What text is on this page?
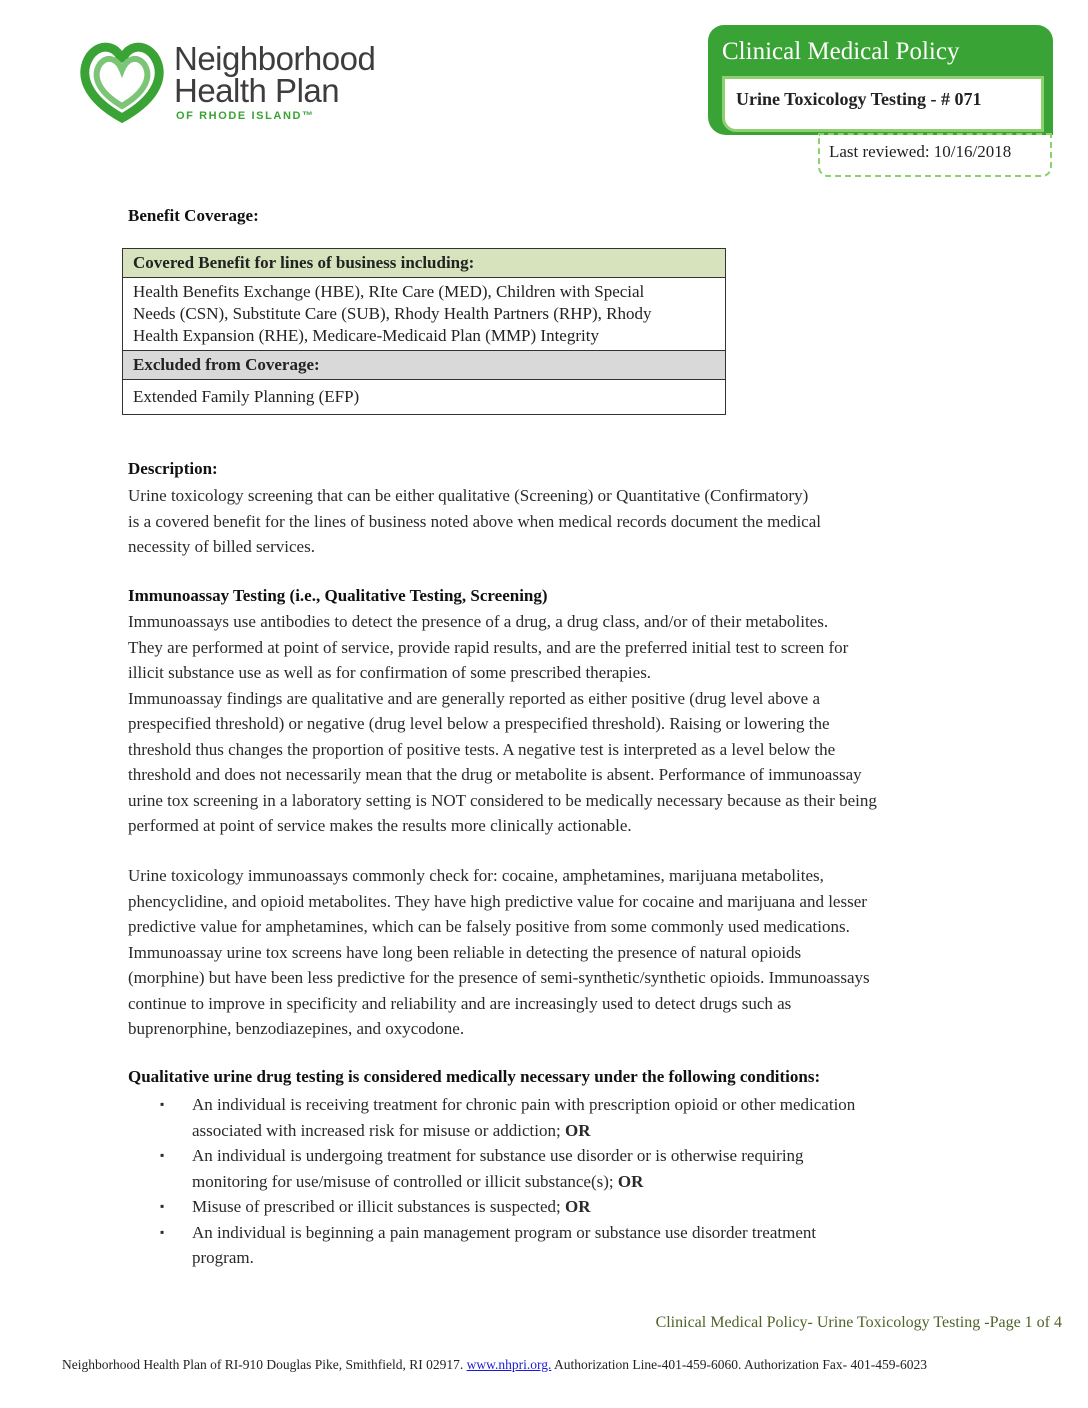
Neighborhood
Health Plan
OF RHODE ISLAND™
Clinical Medical Policy
Urine Toxicology Testing - # 071
Last reviewed: 10/16/2018
Benefit Coverage:
Covered Benefit for lines of business including:

Health Benefits Exchange (HBE), RIte Care (MED), Children with Special
Needs (CSN), Substitute Care (SUB), Rhody Health Partners (RHP), Rhody
Health Expansion (RHE), Medicare-Medicaid Plan (MMP) Integrity

Excluded from Coverage:
Extended Family Planning (EFP)
Description:
Urine toxicology screening that can be either qualitative (Screening) or Quantitative (Confirmatory)
is a covered benefit for the lines of business noted above when medical records document the medical
necessity of billed services.
Immunoassay Testing (i.e., Qualitative Testing, Screening)
Immunoassays use antibodies to detect the presence of a drug, a drug class, and/or of their metabolites.
They are performed at point of service, provide rapid results, and are the preferred initial test to screen for
illicit substance use as well as for confirmation of some prescribed therapies.
Immunoassay findings are qualitative and are generally reported as either positive (drug level above a
prespecified threshold) or negative (drug level below a prespecified threshold). Raising or lowering the
threshold thus changes the proportion of positive tests. A negative test is interpreted as a level below the
threshold and does not necessarily mean that the drug or metabolite is absent. Performance of immunoassay
urine tox screening in a laboratory setting is NOT considered to be medically necessary because as their being
performed at point of service makes the results more clinically actionable.
Urine toxicology immunoassays commonly check for: cocaine, amphetamines, marijuana metabolites,
phencyclidine, and opioid metabolites. They have high predictive value for cocaine and marijuana and lesser
predictive value for amphetamines, which can be falsely positive from some commonly used medications.
Immunoassay urine tox screens have long been reliable in detecting the presence of natural opioids
(morphine) but have been less predictive for the presence of semi-synthetic/synthetic opioids. Immunoassays
continue to improve in specificity and reliability and are increasingly used to detect drugs such as
buprenorphine, benzodiazepines, and oxycodone.
Qualitative urine drug testing is considered medically necessary under the following conditions:
▪ An individual is receiving treatment for chronic pain with prescription opioid or other medication
associated with increased risk for misuse or addiction; OR
▪ An individual is undergoing treatment for substance use disorder or is otherwise requiring
monitoring for use/misuse of controlled or illicit substance(s); OR
▪ Misuse of prescribed or illicit substances is suspected; OR
▪ An individual is beginning a pain management program or substance use disorder treatment
program.
Clinical Medical Policy- Urine Toxicology Testing -Page 1 of 4
Neighborhood Health Plan of RI-910 Douglas Pike, Smithfield, RI 02917. www.nhpri.org. Authorization Line-401-459-6060. Authorization Fax- 401-459-6023
